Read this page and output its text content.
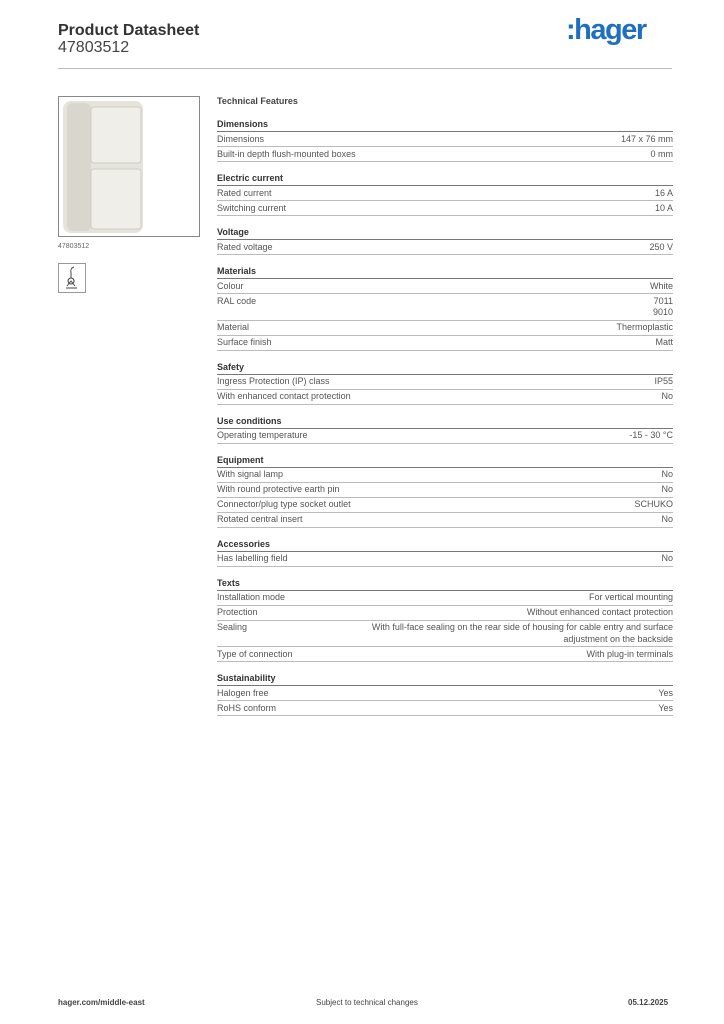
Product Datasheet
47803512
:hager
47803512
Technical Features
Dimensions
Dimensions	147 x 76 mm
Built-in depth flush-mounted boxes	0 mm
Electric current
Rated current	16 A
Switching current	10 A
Voltage
Rated voltage	250 V
Materials
Colour	White
RAL code	7011
9010
Material	Thermoplastic
Surface finish	Matt
Safety
Ingress Protection (IP) class	IP55
With enhanced contact protection	No
Use conditions
Operating temperature	-15 - 30 °C
Equipment
With signal lamp	No
With round protective earth pin	No
Connector/plug type socket outlet	SCHUKO
Rotated central insert	No
Accessories
Has labelling field	No
Texts
Installation mode	For vertical mounting
Protection	Without enhanced contact protection
Sealing	With full-face sealing on the rear side of housing for cable entry and surface adjustment on the backside
Type of connection	With plug-in terminals
Sustainability
Halogen free	Yes
RoHS conform	Yes
hager.com/middle-east	Subject to technical changes	05.12.2025
